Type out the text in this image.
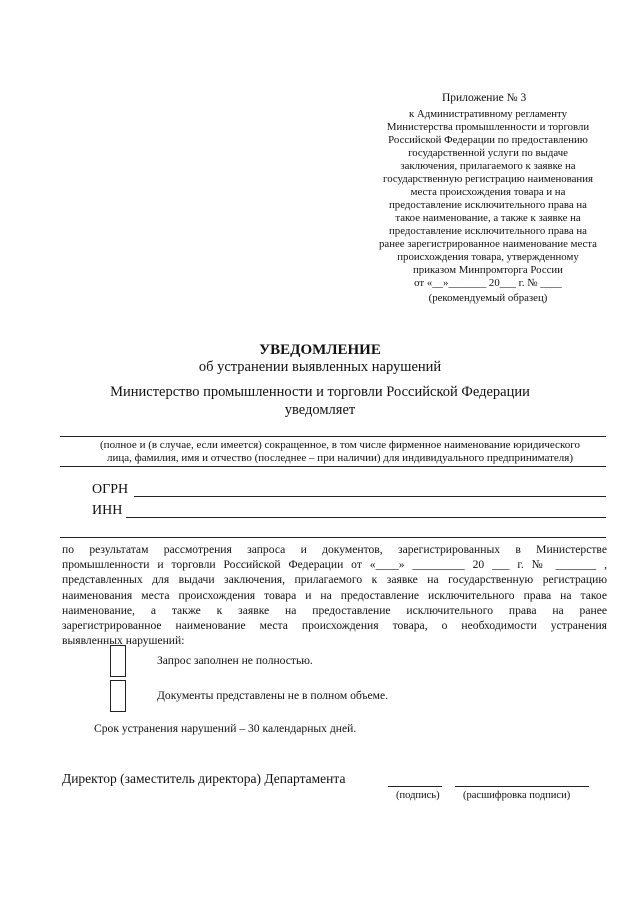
Приложение № 3
к Административному регламенту
Министерства промышленности и торговли
Российской Федерации по предоставлению
государственной услуги по выдаче
заключения, прилагаемого к заявке на
государственную регистрацию наименования
места происхождения товара и на
предоставление исключительного права на
такое наименование, а также к заявке на
предоставление исключительного права на
ранее зарегистрированное наименование места
происхождения товара, утвержденному
приказом Минпромторга России
от «__»_______ 20___ г. № ____
(рекомендуемый образец)
УВЕДОМЛЕНИЕ
об устранении выявленных нарушений
Министерство промышленности и торговли Российской Федерации
уведомляет
(полное и (в случае, если имеется) сокращенное, в том числе фирменное наименование юридического
лица, фамилия, имя и отчество (последнее – при наличии) для индивидуального предпринимателя)
ОГРН
ИНН
по результатам рассмотрения запроса и документов, зарегистрированных в Министерстве
промышленности и торговли Российской Федерации от «____» _________ 20 ___ г. № _______ ,
представленных для выдачи заключения, прилагаемого к заявке на государственную регистрацию
наименования места происхождения товара и на предоставление исключительного права на такое
наименование, а также к заявке на предоставление исключительного права на ранее
зарегистрированное наименование места происхождения товара, о необходимости устранения
выявленных нарушений:
Запрос заполнен не полностью.
Документы представлены не в полном объеме.
Срок устранения нарушений – 30 календарных дней.
Директор (заместитель директора) Департамента
(подпись) (расшифровка подписи)
